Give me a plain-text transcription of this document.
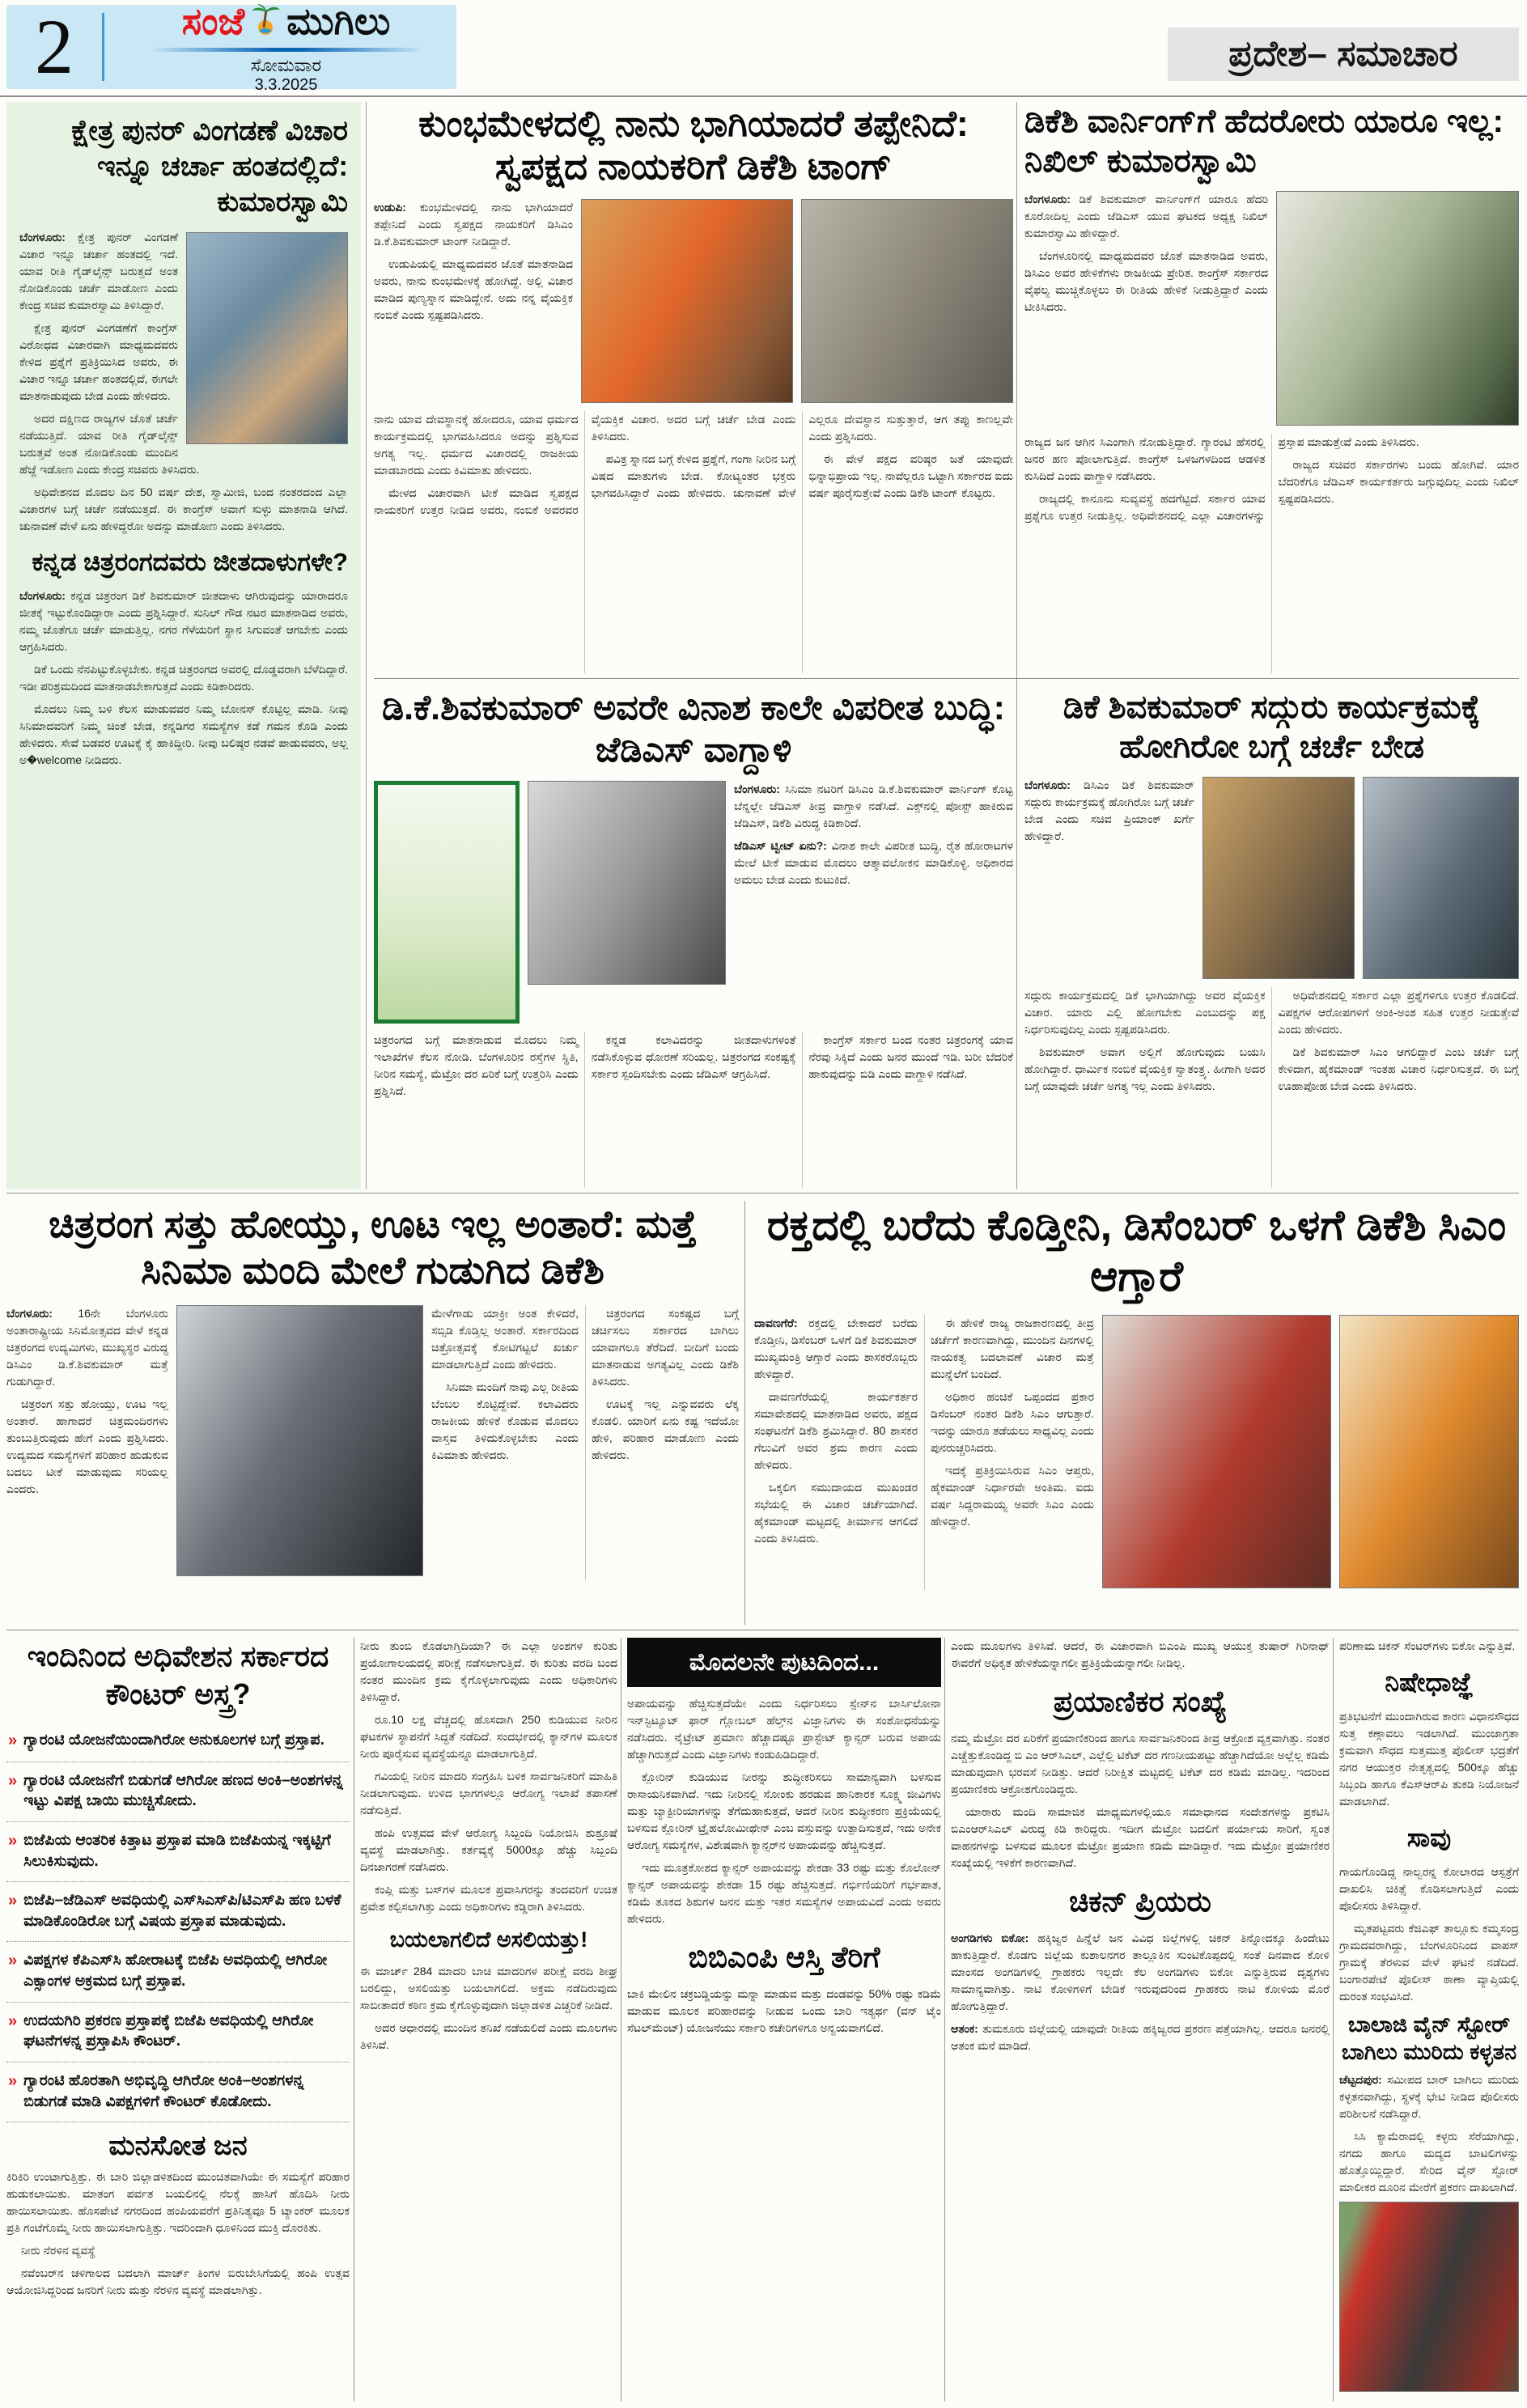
2	ಸಂಜೆ ಮುಗಿಲು
ಸೋಮವಾರ
3.3.2025
ಪ್ರದೇಶ– ಸಮಾಚಾರ
ಕ್ಷೇತ್ರ ಪುನರ್ ವಿಂಗಡಣೆ ವಿಚಾರ ಇನ್ನೂ ಚರ್ಚಾ ಹಂತದಲ್ಲಿದೆ: ಕುಮಾರಸ್ವಾಮಿ

ಬೆಂಗಳೂರು: ಕ್ಷೇತ್ರ ಪುನರ್ ವಿಂಗಡಣೆ ವಿಚಾರ ಇನ್ನೂ ಚರ್ಚಾ ಹಂತದಲ್ಲಿ ಇದೆ. ಯಾವ ರೀತಿ ಗೈಡ್‌ಲೈನ್ಸ್ ಬರುತ್ತದೆ ಅಂತ ನೋಡಿಕೊಂಡು ಚರ್ಚೆ ಮಾಡೋಣ ಎಂದು ಕೇಂದ್ರ ಸಚಿವ ಕುಮಾರಸ್ವಾಮಿ ತಿಳಿಸಿದ್ದಾರೆ.

ಕ್ಷೇತ್ರ ಪುನರ್ ವಿಂಗಡಣೆಗೆ ಕಾಂಗ್ರೆಸ್ ವಿರೋಧದ ವಿಚಾರವಾಗಿ ಮಾಧ್ಯಮದವರು ಕೇಳಿದ ಪ್ರಶ್ನೆಗೆ ಪ್ರತಿಕ್ರಿಯಿಸಿದ ಅವರು, ಈ ವಿಚಾರ ಇನ್ನೂ ಚರ್ಚಾ ಹಂತದಲ್ಲಿದೆ, ಈಗಲೇ ಮಾತನಾಡುವುದು ಬೇಡ ಎಂದು ಹೇಳಿದರು.

ಅದರ ದಕ್ಷಿಣದ ರಾಜ್ಯಗಳ ಜೊತೆ ಚರ್ಚೆ ನಡೆಯುತ್ತಿದೆ. ಯಾವ ರೀತಿ ಗೈಡ್‌ಲೈನ್ಸ್ ಬರುತ್ತವೆ ಅಂತ ನೋಡಿಕೊಂಡು ಮುಂದಿನ ಹೆಜ್ಜೆ ಇಡೋಣ ಎಂದು ಕೇಂದ್ರ ಸಚಿವರು ತಿಳಿಸಿದರು.

ಅಧಿವೇಶನದ ಮೊದಲ ದಿನ 50 ವರ್ಷ ದೇಶ, ಸ್ವಾಮೀಜಿ, ಬಂದ ನಂತರದಂದ ಎಲ್ಲಾ ವಿಚಾರಗಳ ಬಗ್ಗೆ ಚರ್ಚೆ ನಡೆಯುತ್ತದೆ. ಈ ಕಾಂಗ್ರೆಸ್ ಅವಾಗೆ ಸುಳ್ಳು ಮಾತನಾಡಿ ಆಗಿದೆ. ಚುನಾವಣೆ ವೇಳೆ ಏನು ಹೇಳಿದ್ದರೋ ಅದನ್ನು ಮಾಡೋಣ ಎಂದು ತಿಳಿಸಿದರು.

ಕನ್ನಡ ಚಿತ್ರರಂಗದವರು ಜೀತದಾಳುಗಳೇ?

ಬೆಂಗಳೂರು: ಕನ್ನಡ ಚಿತ್ರರಂಗ ಡಿಕೆ ಶಿವಕುಮಾರ್ ಜೀತದಾಳು ಆಗಿರುವುದನ್ನು ಯಾರಾದರೂ ಜೀತಕ್ಕೆ ಇಟ್ಟುಕೊಂಡಿದ್ದಾರಾ ಎಂದು ಪ್ರಶ್ನಿಸಿದ್ದಾರೆ. ಸುನಿಲ್ ಗೌಡ ನಟರ ಮಾತನಾಡಿದ ಅವರು, ನಮ್ಮ ಜೊತೆಗೂ ಚರ್ಚೆ ಮಾಡುತ್ತಿಲ್ಲ. ನಗರ ಗೆಳೆಯರಿಗೆ ಸ್ಥಾನ ಸಿಗುವಂತೆ ಆಗಬೇಕು ಎಂದು ಆಗ್ರಹಿಸಿದರು.

ಡಿಕೆ ಒಂದು ನೆನಪಿಟ್ಟುಕೊಳ್ಳಬೇಕು. ಕನ್ನಡ ಚಿತ್ರರಂಗದ ಅವರಲ್ಲಿ ದೊಡ್ಡವರಾಗಿ ಬೆಳೆದಿದ್ದಾರೆ. ಇಡೀ ಪರಿಶ್ರಮದಿಂದ ಮಾತನಾಡಬೇಕಾಗುತ್ತದೆ ಎಂದು ಕಿಡಿಕಾರಿದರು.

ಮೊದಲು ನಿಮ್ಮ ಬಳಿ ಕೆಲಸ ಮಾಡುವವರ ನಿಮ್ಮ ಬೋನಸ್ ಕೊಟ್ಟಿಲ್ಲ ಮಾಡಿ. ನೀವು ಸಿನಿಮಾದವರಿಗೆ ನಿಮ್ಮ ಚಿಂತೆ ಬೇಡ, ಕನ್ನಡಿಗರ ಸಮಸ್ಯೆಗಳ ಕಡೆ ಗಮನ ಕೊಡಿ ಎಂದು ಹೇಳಿದರು. ಸೇವೆ ಬಡವರ ಊಟಕ್ಕೆ ಕೈ ಹಾಕಿದ್ದೀರಿ. ನೀವು ಬಲಿಷ್ಠರ ನಡವೆ ಪಾಡುವವರು, ಅಲ್ಲ ಅ�welcome ನೀಡಿದರು.

ಕುಂಭಮೇಳದಲ್ಲಿ ನಾನು ಭಾಗಿಯಾದರೆ ತಪ್ಪೇನಿದೆ: ಸ್ವಪಕ್ಷದ ನಾಯಕರಿಗೆ ಡಿಕೆಶಿ ಟಾಂಗ್

ಉಡುಪಿ: ಕುಂಭಮೇಳದಲ್ಲಿ ನಾನು ಭಾಗಿಯಾದರೆ ತಪ್ಪೇನಿದೆ ಎಂದು ಸ್ವಪಕ್ಷದ ನಾಯಕರಿಗೆ ಡಿಸಿಎಂ ಡಿ.ಕೆ.ಶಿವಕುಮಾರ್ ಟಾಂಗ್ ನೀಡಿದ್ದಾರೆ.

ಉಡುಪಿಯಲ್ಲಿ ಮಾಧ್ಯಮದವರ ಜೊತೆ ಮಾತನಾಡಿದ ಅವರು, ನಾನು ಕುಂಭಮೇಳಕ್ಕೆ ಹೋಗಿದ್ದೆ. ಅಲ್ಲಿ ವಿಚಾರ ಮಾಡಿದ ಪುಣ್ಯಸ್ನಾನ ಮಾಡಿದ್ದೇನೆ. ಅದು ನನ್ನ ವೈಯಕ್ತಿಕ ನಂಬಿಕೆ ಎಂದು ಸ್ಪಷ್ಟಪಡಿಸಿದರು.

ನಾನು ಯಾವ ದೇವಸ್ಥಾನಕ್ಕೆ ಹೋದರೂ, ಯಾವ ಧರ್ಮದ ಕಾರ್ಯಕ್ರಮದಲ್ಲಿ ಭಾಗವಹಿಸಿದರೂ ಅದನ್ನು ಪ್ರಶ್ನಿಸುವ ಅಗತ್ಯ ಇಲ್ಲ. ಧರ್ಮದ ವಿಚಾರದಲ್ಲಿ ರಾಜಕೀಯ ಮಾಡಬಾರದು ಎಂದು ಕಿವಿಮಾತು ಹೇಳಿದರು.

ಮೇಳದ ವಿಚಾರವಾಗಿ ಟೀಕೆ ಮಾಡಿದ ಸ್ವಪಕ್ಷದ ನಾಯಕರಿಗೆ ಉತ್ತರ ನೀಡಿದ ಅವರು, ನಂಬಿಕೆ ಅವರವರ ವೈಯಕ್ತಿಕ ವಿಚಾರ. ಅದರ ಬಗ್ಗೆ ಚರ್ಚೆ ಬೇಡ ಎಂದು ತಿಳಿಸಿದರು.

ಪವಿತ್ರ ಸ್ನಾನದ ಬಗ್ಗೆ ಕೇಳಿದ ಪ್ರಶ್ನೆಗೆ, ಗಂಗಾ ನೀರಿನ ಬಗ್ಗೆ ವಿಷದ ಮಾತುಗಳು ಬೇಡ. ಕೋಟ್ಯಂತರ ಭಕ್ತರು ಭಾಗವಹಿಸಿದ್ದಾರೆ ಎಂದು ಹೇಳಿದರು. ಚುನಾವಣೆ ವೇಳೆ ಎಲ್ಲರೂ ದೇವಸ್ಥಾನ ಸುತ್ತುತ್ತಾರೆ, ಆಗ ತಪ್ಪು ಕಾಣಲ್ಲವೇ ಎಂದು ಪ್ರಶ್ನಿಸಿದರು.

ಈ ವೇಳೆ ಪಕ್ಷದ ವರಿಷ್ಠರ ಜತೆ ಯಾವುದೇ ಭಿನ್ನಾಭಿಪ್ರಾಯ ಇಲ್ಲ. ನಾವೆಲ್ಲರೂ ಒಟ್ಟಾಗಿ ಸರ್ಕಾರದ ಐದು ವರ್ಷ ಪೂರೈಸುತ್ತೇವೆ ಎಂದು ಡಿಕೆಶಿ ಟಾಂಗ್ ಕೊಟ್ಟರು.

ಡಿಕೆಶಿ ವಾರ್ನಿಂಗ್‌ಗೆ ಹೆದರೋರು ಯಾರೂ ಇಲ್ಲ: ನಿಖಿಲ್ ಕುಮಾರಸ್ವಾಮಿ

ಬೆಂಗಳೂರು: ಡಿಕೆ ಶಿವಕುಮಾರ್ ವಾರ್ನಿಂಗ್‌ಗೆ ಯಾರೂ ಹೆದರಿ ಕೂರೋದಿಲ್ಲ ಎಂದು ಜೆಡಿಎಸ್ ಯುವ ಘಟಕದ ಅಧ್ಯಕ್ಷ ನಿಖಿಲ್ ಕುಮಾರಸ್ವಾಮಿ ಹೇಳಿದ್ದಾರೆ.

ಬೆಂಗಳೂರಿನಲ್ಲಿ ಮಾಧ್ಯಮದವರ ಜೊತೆ ಮಾತನಾಡಿದ ಅವರು, ಡಿಸಿಎಂ ಅವರ ಹೇಳಿಕೆಗಳು ರಾಜಕೀಯ ಪ್ರೇರಿತ. ಕಾಂಗ್ರೆಸ್ ಸರ್ಕಾರದ ವೈಫಲ್ಯ ಮುಚ್ಚಿಕೊಳ್ಳಲು ಈ ರೀತಿಯ ಹೇಳಿಕೆ ನೀಡುತ್ತಿದ್ದಾರೆ ಎಂದು ಟೀಕಿಸಿದರು.

ರಾಜ್ಯದ ಜನ ಆಗಿನ ಸಿಎಂಗಾಗಿ ನೋಡುತ್ತಿದ್ದಾರೆ. ಗ್ಯಾರಂಟಿ ಹೆಸರಲ್ಲಿ ಜನರ ಹಣ ಪೋಲಾಗುತ್ತಿದೆ. ಕಾಂಗ್ರೆಸ್ ಒಳಜಗಳದಿಂದ ಆಡಳಿತ ಕುಸಿದಿದೆ ಎಂದು ವಾಗ್ದಾಳಿ ನಡೆಸಿದರು.

ರಾಜ್ಯದಲ್ಲಿ ಕಾನೂನು ಸುವ್ಯವಸ್ಥೆ ಹದಗೆಟ್ಟಿದೆ. ಸರ್ಕಾರ ಯಾವ ಪ್ರಶ್ನೆಗೂ ಉತ್ತರ ನೀಡುತ್ತಿಲ್ಲ. ಅಧಿವೇಶನದಲ್ಲಿ ಎಲ್ಲಾ ವಿಚಾರಗಳನ್ನು ಪ್ರಸ್ತಾಪ ಮಾಡುತ್ತೇವೆ ಎಂದು ತಿಳಿಸಿದರು.

ರಾಜ್ಯದ ಸಚಿವರ ಸರ್ಕಾರಗಳು ಬಂದು ಹೋಗಿವೆ. ಯಾರ ಬೆದರಿಕೆಗೂ ಜೆಡಿಎಸ್ ಕಾರ್ಯಕರ್ತರು ಜಗ್ಗುವುದಿಲ್ಲ ಎಂದು ನಿಖಿಲ್ ಸ್ಪಷ್ಟಪಡಿಸಿದರು.

ಡಿ.ಕೆ.ಶಿವಕುಮಾರ್ ಅವರೇ ವಿನಾಶ ಕಾಲೇ ವಿಪರೀತ ಬುದ್ಧಿ: ಜೆಡಿಎಸ್ ವಾಗ್ದಾಳಿ

ಬೆಂಗಳೂರು: ಸಿನಿಮಾ ನಟರಿಗೆ ಡಿಸಿಎಂ ಡಿ.ಕೆ.ಶಿವಕುಮಾರ್ ವಾರ್ನಿಂಗ್ ಕೊಟ್ಟ ಬೆನ್ನಲ್ಲೇ ಜೆಡಿಎಸ್ ತೀವ್ರ ವಾಗ್ದಾಳಿ ನಡೆಸಿದೆ. ಎಕ್ಸ್‌ನಲ್ಲಿ ಪೋಸ್ಟ್ ಹಾಕಿರುವ ಜೆಡಿಎಸ್, ಡಿಕೆಶಿ ವಿರುದ್ಧ ಕಿಡಿಕಾರಿದೆ.

ಜೆಡಿಎಸ್ ಟ್ವೀಟ್ ಏನು?: ವಿನಾಶ ಕಾಲೇ ವಿಪರೀತ ಬುದ್ಧಿ, ರೈತ ಹೋರಾಟಗಳ ಮೇಲೆ ಟೀಕೆ ಮಾಡುವ ಮೊದಲು ಆತ್ಮಾವಲೋಕನ ಮಾಡಿಕೊಳ್ಳಿ. ಅಧಿಕಾರದ ಅಮಲು ಬೇಡ ಎಂದು ಕುಟುಕಿದೆ.

ಚಿತ್ರರಂಗದ ಬಗ್ಗೆ ಮಾತನಾಡುವ ಮೊದಲು ನಿಮ್ಮ ಇಲಾಖೆಗಳ ಕೆಲಸ ನೋಡಿ. ಬೆಂಗಳೂರಿನ ರಸ್ತೆಗಳ ಸ್ಥಿತಿ, ನೀರಿನ ಸಮಸ್ಯೆ, ಮೆಟ್ರೋ ದರ ಏರಿಕೆ ಬಗ್ಗೆ ಉತ್ತರಿಸಿ ಎಂದು ಪ್ರಶ್ನಿಸಿದೆ.

ಕನ್ನಡ ಕಲಾವಿದರನ್ನು ಜೀತದಾಳುಗಳಂತೆ ನಡೆಸಿಕೊಳ್ಳುವ ಧೋರಣೆ ಸರಿಯಲ್ಲ. ಚಿತ್ರರಂಗದ ಸಂಕಷ್ಟಕ್ಕೆ ಸರ್ಕಾರ ಸ್ಪಂದಿಸಬೇಕು ಎಂದು ಜೆಡಿಎಸ್ ಆಗ್ರಹಿಸಿದೆ.

ಕಾಂಗ್ರೆಸ್ ಸರ್ಕಾರ ಬಂದ ನಂತರ ಚಿತ್ರರಂಗಕ್ಕೆ ಯಾವ ನೆರವು ಸಿಕ್ಕಿದೆ ಎಂದು ಜನರ ಮುಂದೆ ಇಡಿ. ಬರೀ ಬೆದರಿಕೆ ಹಾಕುವುದನ್ನು ಬಿಡಿ ಎಂದು ವಾಗ್ದಾಳಿ ನಡೆಸಿದೆ.

ಡಿಕೆ ಶಿವಕುಮಾರ್ ಸದ್ಗುರು ಕಾರ್ಯಕ್ರಮಕ್ಕೆ ಹೋಗಿರೋ ಬಗ್ಗೆ ಚರ್ಚೆ ಬೇಡ

ಬೆಂಗಳೂರು: ಡಿಸಿಎಂ ಡಿಕೆ ಶಿವಕುಮಾರ್ ಸದ್ಗುರು ಕಾರ್ಯಕ್ರಮಕ್ಕೆ ಹೋಗಿರೋ ಬಗ್ಗೆ ಚರ್ಚೆ ಬೇಡ ಎಂದು ಸಚಿವ ಪ್ರಿಯಾಂಕ್ ಖರ್ಗೆ ಹೇಳಿದ್ದಾರೆ.

ಸದ್ಗುರು ಕಾರ್ಯಕ್ರಮದಲ್ಲಿ ಡಿಕೆ ಭಾಗಿಯಾಗಿದ್ದು ಅವರ ವೈಯಕ್ತಿಕ ವಿಚಾರ. ಯಾರು ಎಲ್ಲಿ ಹೋಗಬೇಕು ಎಂಬುದನ್ನು ಪಕ್ಷ ನಿರ್ಧರಿಸುವುದಿಲ್ಲ ಎಂದು ಸ್ಪಷ್ಟಪಡಿಸಿದರು.

ಶಿವಕುಮಾರ್ ಅವಾಗ ಅಲ್ಲಿಗೆ ಹೋಗುವುದು ಬಯಸಿ ಹೋಗಿದ್ದಾರೆ. ಧಾರ್ಮಿಕ ನಂಬಿಕೆ ವೈಯಕ್ತಿಕ ಸ್ವಾತಂತ್ರ್ಯ. ಹೀಗಾಗಿ ಅದರ ಬಗ್ಗೆ ಯಾವುದೇ ಚರ್ಚೆ ಅಗತ್ಯ ಇಲ್ಲ ಎಂದು ತಿಳಿಸಿದರು.

ಅಧಿವೇಶನದಲ್ಲಿ ಸರ್ಕಾರ ಎಲ್ಲಾ ಪ್ರಶ್ನೆಗಳಿಗೂ ಉತ್ತರ ಕೊಡಲಿದೆ. ವಿಪಕ್ಷಗಳ ಆರೋಪಗಳಿಗೆ ಅಂಕಿ-ಅಂಶ ಸಹಿತ ಉತ್ತರ ನೀಡುತ್ತೇವೆ ಎಂದು ಹೇಳಿದರು.

ಡಿಕೆ ಶಿವಕುಮಾರ್ ಸಿಎಂ ಆಗಲಿದ್ದಾರೆ ಎಂಬ ಚರ್ಚೆ ಬಗ್ಗೆ ಕೇಳಿದಾಗ, ಹೈಕಮಾಂಡ್ ಇಂತಹ ವಿಚಾರ ನಿರ್ಧರಿಸುತ್ತದೆ. ಈ ಬಗ್ಗೆ ಊಹಾಪೋಹ ಬೇಡ ಎಂದು ತಿಳಿಸಿದರು.

ಚಿತ್ರರಂಗ ಸತ್ತು ಹೋಯ್ತು, ಊಟ ಇಲ್ಲ ಅಂತಾರೆ: ಮತ್ತೆ ಸಿನಿಮಾ ಮಂದಿ ಮೇಲೆ ಗುಡುಗಿದ ಡಿಕೆಶಿ

ಬೆಂಗಳೂರು: 16ನೇ ಬೆಂಗಳೂರು ಅಂತಾರಾಷ್ಟ್ರೀಯ ಸಿನಿಮೋತ್ಸವದ ವೇಳೆ ಕನ್ನಡ ಚಿತ್ರರಂಗದ ಉದ್ಯಮಿಗಳು, ಮುಖ್ಯಸ್ಥರ ವಿರುದ್ಧ ಡಿಸಿಎಂ ಡಿ.ಕೆ.ಶಿವಕುಮಾರ್ ಮತ್ತೆ ಗುಡುಗಿದ್ದಾರೆ.

ಚಿತ್ರರಂಗ ಸತ್ತು ಹೋಯ್ತು, ಊಟ ಇಲ್ಲ ಅಂತಾರೆ. ಹಾಗಾದರೆ ಚಿತ್ರಮಂದಿರಗಳು ತುಂಬುತ್ತಿರುವುದು ಹೇಗೆ ಎಂದು ಪ್ರಶ್ನಿಸಿದರು. ಉದ್ಯಮದ ಸಮಸ್ಯೆಗಳಿಗೆ ಪರಿಹಾರ ಹುಡುಕುವ ಬದಲು ಟೀಕೆ ಮಾಡುವುದು ಸರಿಯಲ್ಲ ಎಂದರು.

ಮೇಳೆಗಾಡು ಯಾಕ್ರೀ ಅಂತ ಕೇಳಿದರೆ, ಸಬ್ಸಿಡಿ ಕೊಡ್ತಿಲ್ಲ ಅಂತಾರೆ. ಸರ್ಕಾರದಿಂದ ಚಿತ್ರೋತ್ಸವಕ್ಕೆ ಕೋಟಿಗಟ್ಟಲೆ ಖರ್ಚು ಮಾಡಲಾಗುತ್ತಿದೆ ಎಂದು ಹೇಳಿದರು.

ಸಿನಿಮಾ ಮಂದಿಗೆ ನಾವು ಎಲ್ಲ ರೀತಿಯ ಬೆಂಬಲ ಕೊಟ್ಟಿದ್ದೇವೆ. ಕಲಾವಿದರು ರಾಜಕೀಯ ಹೇಳಿಕೆ ಕೊಡುವ ಮೊದಲು ವಾಸ್ತವ ತಿಳಿದುಕೊಳ್ಳಬೇಕು ಎಂದು ಕಿವಿಮಾತು ಹೇಳಿದರು.

ಚಿತ್ರರಂಗದ ಸಂಕಷ್ಟದ ಬಗ್ಗೆ ಚರ್ಚಿಸಲು ಸರ್ಕಾರದ ಬಾಗಿಲು ಯಾವಾಗಲೂ ತೆರೆದಿದೆ. ಬೀದಿಗೆ ಬಂದು ಮಾತನಾಡುವ ಅಗತ್ಯವಿಲ್ಲ ಎಂದು ಡಿಕೆಶಿ ತಿಳಿಸಿದರು.

ಊಟಕ್ಕೆ ಇಲ್ಲ ಎನ್ನುವವರು ಲೆಕ್ಕ ಕೊಡಲಿ. ಯಾರಿಗೆ ಏನು ಕಷ್ಟ ಇದೆಯೋ ಹೇಳಿ, ಪರಿಹಾರ ಮಾಡೋಣ ಎಂದು ಹೇಳಿದರು.

ರಕ್ತದಲ್ಲಿ ಬರೆದು ಕೊಡ್ತೀನಿ, ಡಿಸೆಂಬರ್ ಒಳಗೆ ಡಿಕೆಶಿ ಸಿಎಂ ಆಗ್ತಾರೆ

ದಾವಣಗೆರೆ: ರಕ್ತದಲ್ಲಿ ಬೇಕಾದರೆ ಬರೆದು ಕೊಡ್ತೀನಿ, ಡಿಸೆಂಬರ್ ಒಳಗೆ ಡಿಕೆ ಶಿವಕುಮಾರ್ ಮುಖ್ಯಮಂತ್ರಿ ಆಗ್ತಾರೆ ಎಂದು ಶಾಸಕರೊಬ್ಬರು ಹೇಳಿದ್ದಾರೆ.

ದಾವಣಗೆರೆಯಲ್ಲಿ ಕಾರ್ಯಕರ್ತರ ಸಮಾವೇಶದಲ್ಲಿ ಮಾತನಾಡಿದ ಅವರು, ಪಕ್ಷದ ಸಂಘಟನೆಗೆ ಡಿಕೆಶಿ ಶ್ರಮಿಸಿದ್ದಾರೆ. 80 ಶಾಸಕರ ಗೆಲುವಿಗೆ ಅವರ ಶ್ರಮ ಕಾರಣ ಎಂದು ಹೇಳಿದರು.

ಒಕ್ಕಲಿಗ ಸಮುದಾಯದ ಮುಖಂಡರ ಸಭೆಯಲ್ಲಿ ಈ ವಿಚಾರ ಚರ್ಚೆಯಾಗಿದೆ. ಹೈಕಮಾಂಡ್ ಮಟ್ಟದಲ್ಲಿ ತೀರ್ಮಾನ ಆಗಲಿದೆ ಎಂದು ತಿಳಿಸಿದರು.

ಈ ಹೇಳಿಕೆ ರಾಜ್ಯ ರಾಜಕಾರಣದಲ್ಲಿ ತೀವ್ರ ಚರ್ಚೆಗೆ ಕಾರಣವಾಗಿದ್ದು, ಮುಂದಿನ ದಿನಗಳಲ್ಲಿ ನಾಯಕತ್ವ ಬದಲಾವಣೆ ವಿಚಾರ ಮತ್ತೆ ಮುನ್ನೆಲೆಗೆ ಬಂದಿದೆ.

ಅಧಿಕಾರ ಹಂಚಿಕೆ ಒಪ್ಪಂದದ ಪ್ರಕಾರ ಡಿಸೆಂಬರ್ ನಂತರ ಡಿಕೆಶಿ ಸಿಎಂ ಆಗುತ್ತಾರೆ. ಇದನ್ನು ಯಾರೂ ತಡೆಯಲು ಸಾಧ್ಯವಿಲ್ಲ ಎಂದು ಪುನರುಚ್ಚರಿಸಿದರು.

ಇದಕ್ಕೆ ಪ್ರತಿಕ್ರಿಯಿಸಿರುವ ಸಿಎಂ ಆಪ್ತರು, ಹೈಕಮಾಂಡ್ ನಿರ್ಧಾರವೇ ಅಂತಿಮ. ಐದು ವರ್ಷ ಸಿದ್ದರಾಮಯ್ಯ ಅವರೇ ಸಿಎಂ ಎಂದು ಹೇಳಿದ್ದಾರೆ.

ಇಂದಿನಿಂದ ಅಧಿವೇಶನ ಸರ್ಕಾರದ ಕೌಂಟರ್ ಅಸ್ತ್ರ?
» ಗ್ಯಾರಂಟಿ ಯೋಜನೆಯಿಂದಾಗಿರೋ ಅನುಕೂಲಗಳ ಬಗ್ಗೆ ಪ್ರಸ್ತಾಪ.
» ಗ್ಯಾರಂಟಿ ಯೋಜನೆಗೆ ಬಿಡುಗಡೆ ಆಗಿರೋ ಹಣದ ಅಂಕಿ–ಅಂಶಗಳನ್ನ ಇಟ್ಟು ವಿಪಕ್ಷ ಬಾಯಿ ಮುಚ್ಚಿಸೋದು.
» ಬಿಜೆಪಿಯ ಆಂತರಿಕ ಕಿತ್ತಾಟ ಪ್ರಸ್ತಾಪ ಮಾಡಿ ಬಿಜೆಪಿಯನ್ನ ಇಕ್ಕಟ್ಟಿಗೆ ಸಿಲುಕಿಸುವುದು.
» ಬಿಜೆಪಿ–ಜೆಡಿಎಸ್ ಅವಧಿಯಲ್ಲಿ ಎಸ್‌ಸಿಎಸ್‌ಪಿ/ಟಿಎಸ್‌ಪಿ ಹಣ ಬಳಕೆ ಮಾಡಿಕೊಂಡಿರೋ ಬಗ್ಗೆ ವಿಷಯ ಪ್ರಸ್ತಾಪ ಮಾಡುವುದು.
» ವಿಪಕ್ಷಗಳ ಕೆಪಿಎಸ್‌ಸಿ ಹೋರಾಟಕ್ಕೆ ಬಿಜೆಪಿ ಅವಧಿಯಲ್ಲಿ ಆಗಿರೋ ಎಕ್ಸಾಂಗಳ ಅಕ್ರಮದ ಬಗ್ಗೆ ಪ್ರಸ್ತಾಪ.
» ಉದಯಗಿರಿ ಪ್ರಕರಣ ಪ್ರಸ್ತಾಪಕ್ಕೆ ಬಿಜೆಪಿ ಅವಧಿಯಲ್ಲಿ ಆಗಿರೋ ಘಟನೆಗಳನ್ನ ಪ್ರಸ್ತಾಪಿಸಿ ಕೌಂಟರ್.
» ಗ್ಯಾರಂಟಿ ಹೊರತಾಗಿ ಅಭಿವೃದ್ಧಿ ಆಗಿರೋ ಅಂಕಿ–ಅಂಶಗಳನ್ನ ಬಿಡುಗಡೆ ಮಾಡಿ ವಿಪಕ್ಷಗಳಿಗೆ ಕೌಂಟರ್ ಕೊಡೋದು.
ಮನಸೋತ ಜನ

ಕಿರಿಕಿರಿ ಉಂಟಾಗುತ್ತಿತ್ತು. ಈ ಬಾರಿ ಜಿಲ್ಲಾಡಳಿತದಿಂದ ಮುಂಚಿತವಾಗಿಯೇ ಈ ಸಮಸ್ಯೆಗೆ ಪರಿಹಾರ ಹುಡುಕಲಾಯಿತು. ಮಾತಂಗ ಪರ್ವತ ಬಯಲಿನಲ್ಲಿ ನೆಲಕ್ಕೆ ಹಾಸಿಗೆ ಹೊದಿಸಿ ನೀರು ಹಾಯಿಸಲಾಯಿತು. ಹೊಸಪೇಟೆ ನಗರದಿಂದ ಹಂಪಿಯವರೆಗೆ ಪ್ರತಿನಿತ್ಯವೂ 5 ಟ್ಯಾಂಕರ್ ಮೂಲಕ ಪ್ರತಿ ಗಂಟೆಗೊಮ್ಮೆ ನೀರು ಹಾಯಿಸಲಾಗುತ್ತಿತ್ತು. ಇದರಿಂದಾಗಿ ಧೂಳಿನಿಂದ ಮುಕ್ತಿ ದೊರಕಿತು.

ನೀರು ನೆರಳಿನ ವ್ಯವಸ್ಥೆ

ನವೆಂಬರ್‌ನ ಚಳಿಗಾಲದ ಬದಲಾಗಿ ಮಾರ್ಚ್ ತಿಂಗಳ ಬಿರುಬೇಸಿಗೆಯಲ್ಲಿ ಹಂಪಿ ಉತ್ಸವ ಆಯೋಜಿಸಿದ್ದರಿಂದ ಜನರಿಗೆ ನೀರು ಮತ್ತು ನೆರಳಿನ ವ್ಯವಸ್ಥೆ ಮಾಡಲಾಗಿತ್ತು.

ನೀರು ತುಂಬಿ ಕೊಡಲಾಗ್ತಿದಿಯಾ? ಈ ಎಲ್ಲಾ ಅಂಶಗಳ ಕುರಿತು ಪ್ರಯೋಗಾಲಯದಲ್ಲಿ ಪರೀಕ್ಷೆ ನಡೆಸಲಾಗುತ್ತಿದೆ. ಈ ಕುರಿತು ವರದಿ ಬಂದ ನಂತರ ಮುಂದಿನ ಕ್ರಮ ಕೈಗೊಳ್ಳಲಾಗುವುದು ಎಂದು ಅಧಿಕಾರಿಗಳು ತಿಳಿಸಿದ್ದಾರೆ.

ರೂ.10 ಲಕ್ಷ ವೆಚ್ಚದಲ್ಲಿ ಹೊಸದಾಗಿ 250 ಕುಡಿಯುವ ನೀರಿನ ಘಟಕಗಳ ಸ್ಥಾಪನೆಗೆ ಸಿದ್ಧತೆ ನಡೆದಿದೆ. ಸಂದಭ೯ದಲ್ಲಿ ಕ್ಯಾನ್‌ಗಳ ಮೂಲಕ ನೀರು ಪೂರೈಸುವ ವ್ಯವಸ್ಥೆಯನ್ನೂ ಮಾಡಲಾಗುತ್ತಿದೆ.

ಗವಿಯಲ್ಲಿ ನೀರಿನ ಮಾದರಿ ಸಂಗ್ರಹಿಸಿ ಬಳಿಕ ಸಾರ್ವಜನಿಕರಿಗೆ ಮಾಹಿತಿ ನೀಡಲಾಗುವುದು. ಉಳಿದ ಭಾಗಗಳಲ್ಲೂ ಆರೋಗ್ಯ ಇಲಾಖೆ ತಪಾಸಣೆ ನಡೆಸುತ್ತಿದೆ.

ಹಂಪಿ ಉತ್ಸವದ ವೇಳೆ ಆರೋಗ್ಯ ಸಿಬ್ಬಂದಿ ನಿಯೋಜಿಸಿ ಶುಶ್ರೂಷೆ ವ್ಯವಸ್ಥೆ ಮಾಡಲಾಗಿತ್ತು. ಕರ್ತವ್ಯಕ್ಕೆ 5000ಕ್ಕೂ ಹೆಚ್ಚು ಸಿಬ್ಬಂದಿ ದಿನಜಾಗರಣೆ ನಡೆಸಿದರು.

ಕಂಪ್ಲಿ ಮತ್ತು ಬಸ್‌ಗಳ ಮೂಲಕ ಪ್ರವಾಸಿಗರನ್ನು ತಂದವರಿಗೆ ಉಚಿತ ಪ್ರವೇಶ ಕಲ್ಪಿಸಲಾಗಿತ್ತು ಎಂದು ಅಧಿಕಾರಿಗಳು ಕಡ್ಡಿರಾಗಿ ತಿಳಿಸಿದರು.

ಬಯಲಾಗಲಿದೆ ಅಸಲಿಯತ್ತು!

ಈ ಮಾರ್ಚ್ 284 ಮಾದರಿ ಬಾಚಿ ಮಾದರಿಗಳ ಪರೀಕ್ಷೆ ವರದಿ ಶೀಘ್ರ ಬರಲಿದ್ದು, ಅಸಲಿಯತ್ತು ಬಯಲಾಗಲಿದೆ. ಅಕ್ರಮ ನಡೆದಿರುವುದು ಸಾಬೀತಾದರೆ ಕಠಿಣ ಕ್ರಮ ಕೈಗೊಳ್ಳುವುದಾಗಿ ಜಿಲ್ಲಾಡಳಿತ ಎಚ್ಚರಿಕೆ ನೀಡಿದೆ.

ಅದರ ಆಧಾರದಲ್ಲಿ ಮುಂದಿನ ತನಿಖೆ ನಡೆಯಲಿದೆ ಎಂದು ಮೂಲಗಳು ತಿಳಿಸಿವೆ.

ಮೊದಲನೇ ಪುಟದಿಂದ...

ಅಪಾಯವನ್ನು ಹೆಚ್ಚಿಸುತ್ತದೆಯೇ ಎಂದು ನಿರ್ಧರಿಸಲು ಸ್ಪೇನ್‌ನ ಬಾರ್ಸಿಲೋನಾ ಇನ್‌ಸ್ಟಿಟ್ಯೂಟ್ ಫಾರ್ ಗ್ಲೋಬಲ್ ಹೆಲ್ತ್‌ನ ವಿಜ್ಞಾನಿಗಳು ಈ ಸಂಶೋಧನೆಯನ್ನು ನಡೆಸಿದರು. ನೈಟ್ರೇಟ್ ಪ್ರಮಾಣ ಹೆಚ್ಚಾದಷ್ಟೂ ಪ್ರಾಸ್ಟೇಟ್ ಕ್ಯಾನ್ಸರ್ ಬರುವ ಅಪಾಯ ಹೆಚ್ಚಾಗಿರುತ್ತದೆ ಎಂದು ವಿಜ್ಞಾನಿಗಳು ಕಂಡುಹಿಡಿದಿದ್ದಾರೆ.

ಕ್ಲೋರಿನ್ ಕುಡಿಯುವ ನೀರನ್ನು ಶುದ್ಧೀಕರಿಸಲು ಸಾಮಾನ್ಯವಾಗಿ ಬಳಸುವ ರಾಸಾಯನಿಕವಾಗಿದೆ. ಇದು ನೀರಿನಲ್ಲಿ ಸೋಂಕು ಹರಡುವ ಹಾನಿಕಾರಕ ಸೂಕ್ಷ್ಮ ಜೀವಿಗಳು ಮತ್ತು ಬ್ಯಾಕ್ಟೀರಿಯಾಗಳನ್ನು ತೆಗೆದುಹಾಕುತ್ತದೆ, ಆದರೆ ನೀರಿನ ಶುದ್ಧೀಕರಣ ಪ್ರಕ್ರಿಯೆಯಲ್ಲಿ ಬಳಸುವ ಕ್ಲೋರಿನ್ ಟ್ರೈಹಲೋಮೀಥೇನ್ ಎಂಬ ವಸ್ತುವನ್ನು ಉತ್ಪಾದಿಸುತ್ತದೆ, ಇದು ಅನೇಕ ಆರೋಗ್ಯ ಸಮಸ್ಯೆಗಳ, ವಿಶೇಷವಾಗಿ ಕ್ಯಾನ್ಸರ್‌ನ ಅಪಾಯವನ್ನು ಹೆಚ್ಚಿಸುತ್ತದೆ.

ಇದು ಮೂತ್ರಕೋಶದ ಕ್ಯಾನ್ಸರ್ ಅಪಾಯವನ್ನು ಶೇಕಡಾ 33 ರಷ್ಟು ಮತ್ತು ಕೊಲೋನ್ ಕ್ಯಾನ್ಸರ್ ಅಪಾಯವನ್ನು ಶೇಕಡಾ 15 ರಷ್ಟು ಹೆಚ್ಚಿಸುತ್ತದೆ. ಗರ್ಭಿಣಿಯರಿಗೆ ಗರ್ಭಪಾತ, ಕಡಿಮೆ ತೂಕದ ಶಿಶುಗಳ ಜನನ ಮತ್ತು ಇತರ ಸಮಸ್ಯೆಗಳ ಅಪಾಯವಿದೆ ಎಂದು ಅವರು ಹೇಳಿದರು.

ಬಿಬಿಎಂಪಿ ಆಸ್ತಿ ತೆರಿಗೆ

ಬಾಕಿ ಮೇಲಿನ ಚಕ್ರಬಡ್ಡಿಯನ್ನು ಮನ್ನಾ ಮಾಡುವ ಮತ್ತು ದಂಡವನ್ನು 50% ರಷ್ಟು ಕಡಿಮೆ ಮಾಡುವ ಮೂಲಕ ಪರಿಹಾರವನ್ನು ನೀಡುವ ಒಂದು ಬಾರಿ ಇತ್ಯರ್ಥ (ವನ್ ಟೈಂ ಸೆಟಲ್‌ಮೆಂಟ್) ಯೋಜನೆಯು ಸರ್ಕಾರಿ ಕಚೇರಿಗಳಿಗೂ ಅನ್ವಯವಾಗಲಿದೆ.

ಎಂದು ಮೂಲಗಳು ತಿಳಿಸಿವೆ. ಆದರೆ, ಈ ವಿಚಾರವಾಗಿ ಬಿಎಂಪಿ ಮುಖ್ಯ ಆಯುಕ್ತ ತುಷಾರ್ ಗಿರಿನಾಥ್ ಈವರೆಗೆ ಅಧಿಕೃತ ಹೇಳಿಕೆಯನ್ನಾಗಲೀ ಪ್ರತಿಕ್ರಿಯೆಯನ್ನಾಗಲೀ ನೀಡಿಲ್ಲ.

ಪ್ರಯಾಣಿಕರ ಸಂಖ್ಯೆ

ನಮ್ಮ ಮೆಟ್ರೋ ದರ ಏರಿಕೆಗೆ ಪ್ರಯಾಣಿಕರಿಂದ ಹಾಗೂ ಸಾರ್ವಜನಿಕರಿಂದ ತೀವ್ರ ಆಕ್ರೋಶ ವ್ಯಕ್ತವಾಗಿತ್ತು. ನಂತರ ಎಚ್ಚೆತ್ತುಕೊಂಡಿದ್ದ ಬಿ ಎಂ ಆರ್‌ಸಿಎಲ್, ಎಲ್ಲೆಲ್ಲಿ ಟಿಕೆಟ್ ದರ ಗಣನೀಯಪಟ್ಟು ಹೆಚ್ಚಾಗಿದೆಯೋ ಅಲ್ಲೆಲ್ಲ ಕಡಿಮೆ ಮಾಡುವುದಾಗಿ ಭರವಸೆ ನೀಡಿತ್ತು. ಆದರೆ ನಿರೀಕ್ಷಿತ ಮಟ್ಟದಲ್ಲಿ ಟಿಕೆಟ್ ದರ ಕಡಿಮೆ ಮಾಡಿಲ್ಲ. ಇದರಿಂದ ಪ್ರಯಾಣಿಕರು ಆಕ್ರೋಶಗೊಂಡಿದ್ದರು.

ಯಾರಾರು ಮಂದಿ ಸಾಮಾಜಿಕ ಮಾಧ್ಯಮಗಳಲ್ಲಿಯೂ ಸಮಾಧಾನದ ಸಂದೇಶಗಳನ್ನು ಪ್ರಕಟಿಸಿ ಬಿಎಂಆರ್‌ಸಿಎಲ್ ವಿರುದ್ಧ ಕಿಡಿ ಕಾರಿದ್ದರು. ಇದೀಗ ಮೆಟ್ರೋ ಬದಲಿಗೆ ಪರ್ಯಾಯ ಸಾರಿಗೆ, ಸ್ವಂತ ವಾಹನಗಳನ್ನು ಬಳಸುವ ಮೂಲಕ ಮೆಟ್ರೋ ಪ್ರಯಾಣ ಕಡಿಮೆ ಮಾಡಿದ್ದಾರೆ. ಇದು ಮೆಟ್ರೋ ಪ್ರಯಾಣಿಕರ ಸಂಖ್ಯೆಯಲ್ಲಿ ಇಳಿಕೆಗೆ ಕಾರಣವಾಗಿದೆ.

ಚಿಕನ್ ಪ್ರಿಯರು

ಅಂಗಡಿಗಳು ಬಿಕೋ: ಹಕ್ಕಿಜ್ವರ ಹಿನ್ನೆಲೆ ಜನ ವಿವಿಧ ಜಿಲ್ಲೆಗಳಲ್ಲಿ ಚಿಕನ್ ತಿನ್ನೋದಕ್ಕೂ ಹಿಂದೇಟು ಹಾಕುತ್ತಿದ್ದಾರೆ. ಕೊಡಗು ಜಿಲ್ಲೆಯ ಕುಶಾಲನಗರ ತಾಲ್ಲೂಕಿನ ಸುಂಟಿಕೊಪ್ಪದಲ್ಲಿ ಸಂತೆ ದಿನವಾದ ಕೋಳಿ ಮಾಂಸದ ಅಂಗಡಿಗಳಲ್ಲಿ ಗ್ರಾಹಕರು ಇಲ್ಲದೇ ಕೆಲ ಅಂಗಡಿಗಳು ಬಿಕೋ ಎನ್ನುತ್ತಿರುವ ದೃಶ್ಯಗಳು ಸಾಮಾನ್ಯವಾಗಿತ್ತು. ನಾಟಿ ಕೋಳಿಗಳಿಗೆ ಬೇಡಿಕೆ ಇರುವುದರಿಂದ ಗ್ರಾಹಕರು ನಾಟಿ ಕೋಳಿಯ ಮೊರೆ ಹೋಗುತ್ತಿದ್ದಾರೆ.

ಆತಂಕ: ತುಮಕೂರು ಜಿಲ್ಲೆಯಲ್ಲಿ ಯಾವುದೇ ರೀತಿಯ ಹಕ್ಕಿಜ್ವರದ ಪ್ರಕರಣ ಪತ್ತೆಯಾಗಿಲ್ಲ. ಆದರೂ ಜನರಲ್ಲಿ ಆತಂಕ ಮನೆ ಮಾಡಿದೆ.

ಪರಿಣಾಮ ಚಿಕನ್ ಸೆಂಟರ್‌ಗಳು ಬಿಕೋ ಎನ್ನುತ್ತಿವೆ.

ನಿಷೇಧಾಜ್ಞೆ

ಪ್ರತಿಭಟನೆಗೆ ಮುಂದಾಗಿರುವ ಕಾರಣ ವಿಧಾನಸೌಧದ ಸುತ್ತ ಕಣ್ಗಾವಲು ಇಡಲಾಗಿದೆ. ಮುಂಜಾಗ್ರತಾ ಕ್ರಮವಾಗಿ ಸೌಧದ ಸುತ್ತಮುತ್ತ ಪೊಲೀಸ್ ಭದ್ರತೆಗೆ ನಗರ ಆಯುಕ್ತರ ನೇತೃತ್ವದಲ್ಲಿ 500ಕ್ಕೂ ಹೆಚ್ಚು ಸಿಬ್ಬಂದಿ ಹಾಗೂ ಕೆಎಸ್‌ಆರ್‌ಪಿ ತುಕಡಿ ನಿಯೋಜನೆ ಮಾಡಲಾಗಿದೆ.

ಸಾವು

ಗಾಯಗೊಂಡಿದ್ದ ನಾಲ್ವರನ್ನ ಕೋಲಾರದ ಆಸ್ಪತ್ರೆಗೆ ದಾಖಲಿಸಿ ಚಿಕಿತ್ಸೆ ಕೊಡಿಸಲಾಗುತ್ತಿದೆ ಎಂದು ಪೊಲೀಸರು ತಿಳಿಸಿದ್ದಾರೆ.

ಮೃತಪಟ್ಟವರು ಕೆಜಿಎಫ್ ತಾಲ್ಲೂಕು ಕಮ್ಮಸಂದ್ರ ಗ್ರಾಮದವರಾಗಿದ್ದು, ಬೆಂಗಳೂರಿನಿಂದ ವಾಪಸ್ ಗ್ರಾಮಕ್ಕೆ ತೆರಳುವ ವೇಳೆ ಘಟನೆ ನಡೆದಿದೆ. ಬಂಗಾರಪೇಟೆ ಪೊಲೀಸ್ ಠಾಣಾ ವ್ಯಾಪ್ತಿಯಲ್ಲಿ ದುರಂತ ಸಂಭವಿಸಿದೆ.

ಬಾಲಾಜಿ ವೈನ್ ಸ್ಟೋರ್ ಬಾಗಿಲು ಮುರಿದು ಕಳ್ಳತನ

ಚೆಟ್ಟದಪುರ: ಸಮೀಪದ ಬಾರ್ ಬಾಗಿಲು ಮುರಿದು ಕಳ್ಳತನವಾಗಿದ್ದು, ಸ್ಥಳಕ್ಕೆ ಭೇಟಿ ನೀಡಿದ ಪೊಲೀಸರು ಪರಿಶೀಲನೆ ನಡೆಸಿದ್ದಾರೆ.

ಸಿಸಿ ಕ್ಯಾಮೆರಾದಲ್ಲಿ ಕಳ್ಳರು ಸೆರೆಯಾಗಿದ್ದು, ನಗದು ಹಾಗೂ ಮದ್ಯದ ಬಾಟಲಿಗಳನ್ನು ಹೊತ್ತೊಯ್ದಿದ್ದಾರೆ. ಸೇರಿದ ವೈನ್ ಸ್ಟೋರ್ ಮಾಲೀಕರ ದೂರಿನ ಮೇರೆಗೆ ಪ್ರಕರಣ ದಾಖಲಾಗಿದೆ.
